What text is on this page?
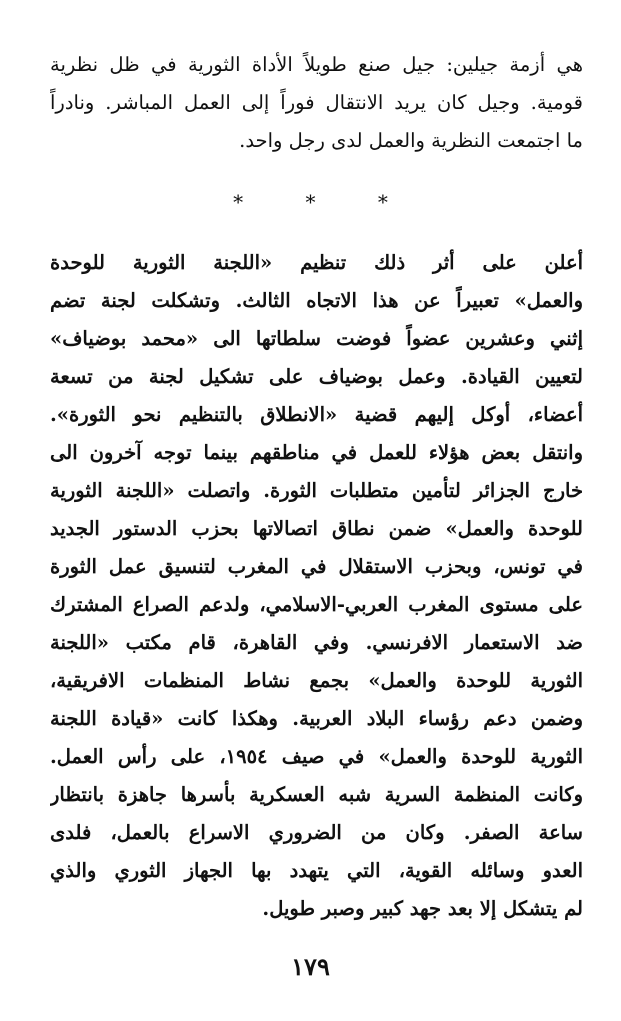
هي أزمة جيلين: جيل صنع طويلاً الأداة الثورية في ظل نظرية
قومية. وجيل كان يريد الانتقال فوراً إلى العمل المباشر. ونادراً
ما اجتمعت النظرية والعمل لدى رجل واحد.
* * *
أعلن على أثر ذلك تنظيم «اللجنة الثورية للوحدة
والعمل» تعبيراً عن هذا الاتجاه الثالث. وتشكلت لجنة تضم
إثني وعشرين عضواً فوضت سلطاتها الى «محمد بوضياف»
لتعيين القيادة. وعمل بوضياف على تشكيل لجنة من تسعة
أعضاء، أوكل إليهم قضية «الانطلاق بالتنظيم نحو الثورة».
وانتقل بعض هؤلاء للعمل في مناطقهم بينما توجه آخرون الى
خارج الجزائر لتأمين متطلبات الثورة. واتصلت «اللجنة الثورية
للوحدة والعمل» ضمن نطاق اتصالاتها بحزب الدستور الجديد
في تونس، وبحزب الاستقلال في المغرب لتنسيق عمل الثورة
على مستوى المغرب العربي-الاسلامي، ولدعم الصراع المشترك
ضد الاستعمار الافرنسي. وفي القاهرة، قام مكتب «اللجنة
الثورية للوحدة والعمل» بجمع نشاط المنظمات الافريقية،
وضمن دعم رؤساء البلاد العربية. وهكذا كانت «قيادة اللجنة
الثورية للوحدة والعمل» في صيف ١٩٥٤، على رأس العمل.
وكانت المنظمة السرية شبه العسكرية بأسرها جاهزة بانتظار
ساعة الصفر. وكان من الضروري الاسراع بالعمل، فلدى
العدو وسائله القوية، التي يتهدد بها الجهاز الثوري والذي
لم يتشكل إلا بعد جهد كبير وصبر طويل.
١٧٩
